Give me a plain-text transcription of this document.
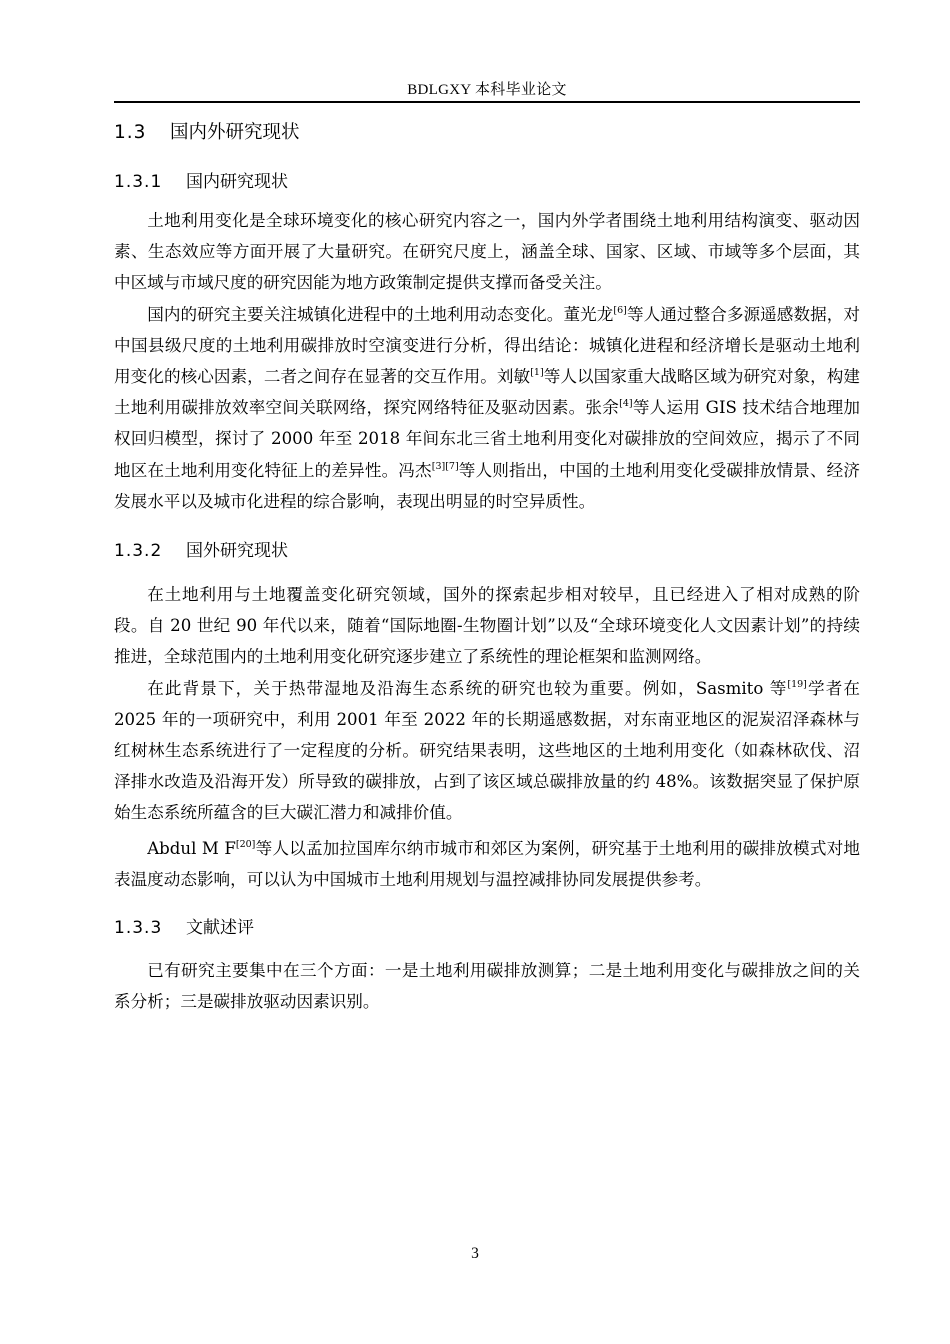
BDLGXY 本科毕业论文
1.3 国内外研究现状
1.3.1 国内研究现状

土地利用变化是全球环境变化的核心研究内容之一，国内外学者围绕土地利用结构演变、驱动因素、生态效应等方面开展了大量研究。在研究尺度上，涵盖全球、国家、区域、市域等多个层面，其中区域与市域尺度的研究因能为地方政策制定提供支撑而备受关注。

国内的研究主要关注城镇化进程中的土地利用动态变化。董光龙[6]等人通过整合多源遥感数据，对中国县级尺度的土地利用碳排放时空演变进行分析，得出结论：城镇化进程和经济增长是驱动土地利用变化的核心因素，二者之间存在显著的交互作用。刘敏[1]等人以国家重大战略区域为研究对象，构建土地利用碳排放效率空间关联网络，探究网络特征及驱动因素。张余[4]等人运用 GIS 技术结合地理加权回归模型，探讨了 2000 年至 2018 年间东北三省土地利用变化对碳排放的空间效应，揭示了不同地区在土地利用变化特征上的差异性。冯杰[3][7]等人则指出，中国的土地利用变化受碳排放情景、经济发展水平以及城市化进程的综合影响，表现出明显的时空异质性。

1.3.2 国外研究现状

在土地利用与土地覆盖变化研究领域，国外的探索起步相对较早，且已经进入了相对成熟的阶段。自 20 世纪 90 年代以来，随着“国际地圈-生物圈计划”以及“全球环境变化人文因素计划”的持续推进，全球范围内的土地利用变化研究逐步建立了系统性的理论框架和监测网络。

在此背景下，关于热带湿地及沿海生态系统的研究也较为重要。例如，Sasmito 等[19]学者在 2025 年的一项研究中，利用 2001 年至 2022 年的长期遥感数据，对东南亚地区的泥炭沼泽森林与红树林生态系统进行了一定程度的分析。研究结果表明，这些地区的土地利用变化（如森林砍伐、沼泽排水改造及沿海开发）所导致的碳排放，占到了该区域总碳排放量的约 48%。该数据突显了保护原始生态系统所蕴含的巨大碳汇潜力和减排价值。

Abdul M F[20]等人以孟加拉国库尔纳市城市和郊区为案例，研究基于土地利用的碳排放模式对地表温度动态影响，可以认为中国城市土地利用规划与温控减排协同发展提供参考。

1.3.3 文献述评

已有研究主要集中在三个方面：一是土地利用碳排放测算；二是土地利用变化与碳排放之间的关系分析；三是碳排放驱动因素识别。

3
